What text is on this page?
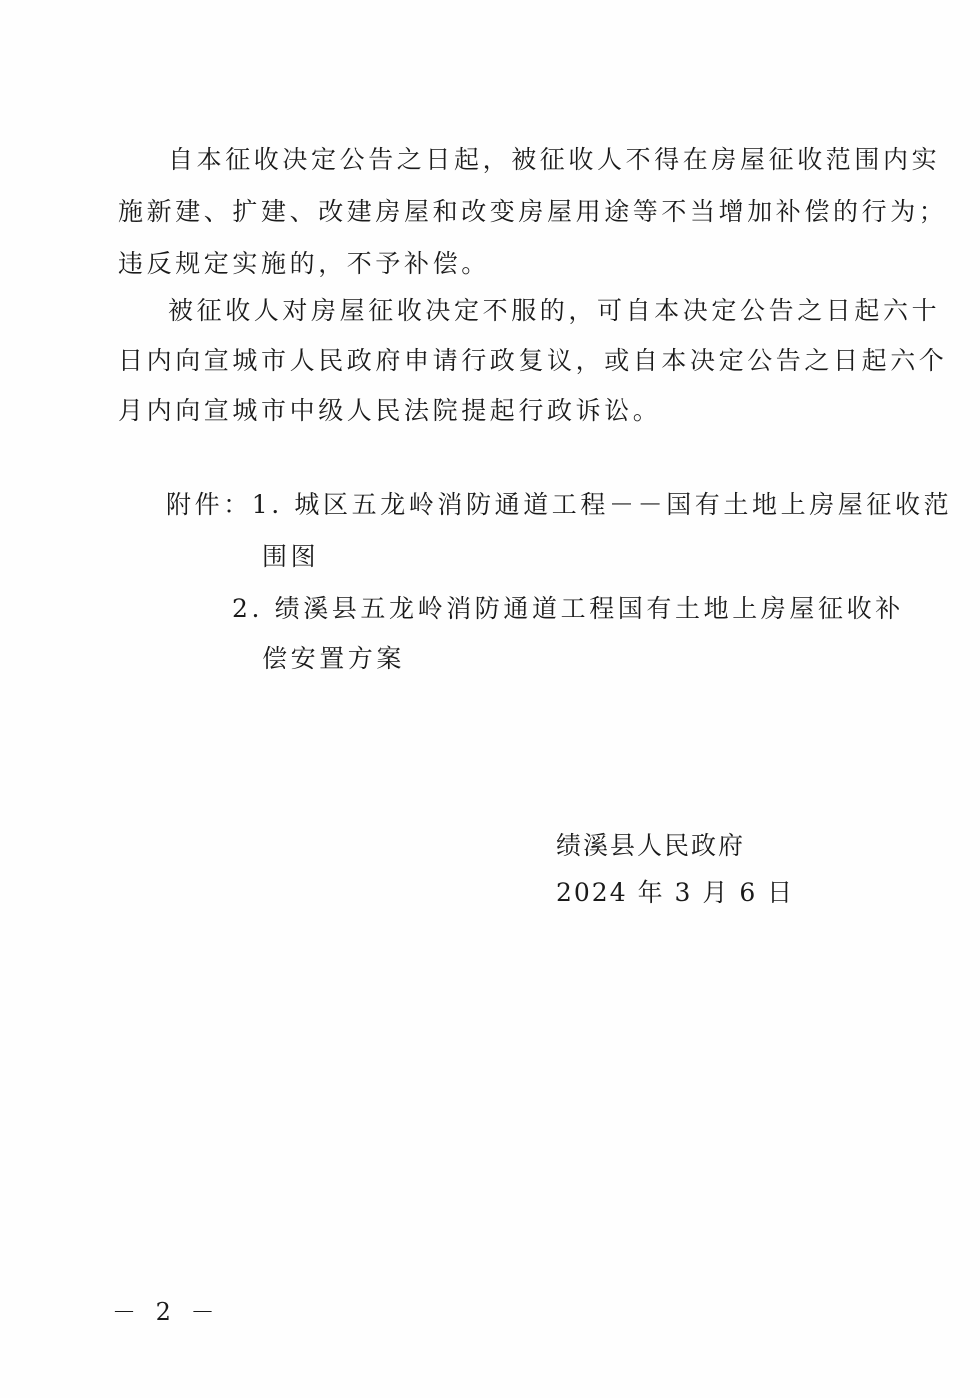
自本征收决定公告之日起，被征收人不得在房屋征收范围内实
施新建、扩建、改建房屋和改变房屋用途等不当增加补偿的行为；
违反规定实施的，不予补偿。
被征收人对房屋征收决定不服的，可自本决定公告之日起六十
日内向宣城市人民政府申请行政复议，或自本决定公告之日起六个
月内向宣城市中级人民法院提起行政诉讼。
附件：1. 城区五龙岭消防通道工程－－国有土地上房屋征收范
围图
2. 绩溪县五龙岭消防通道工程国有土地上房屋征收补
偿安置方案
绩溪县人民政府
2024 年 3 月 6 日
－ 2 －
